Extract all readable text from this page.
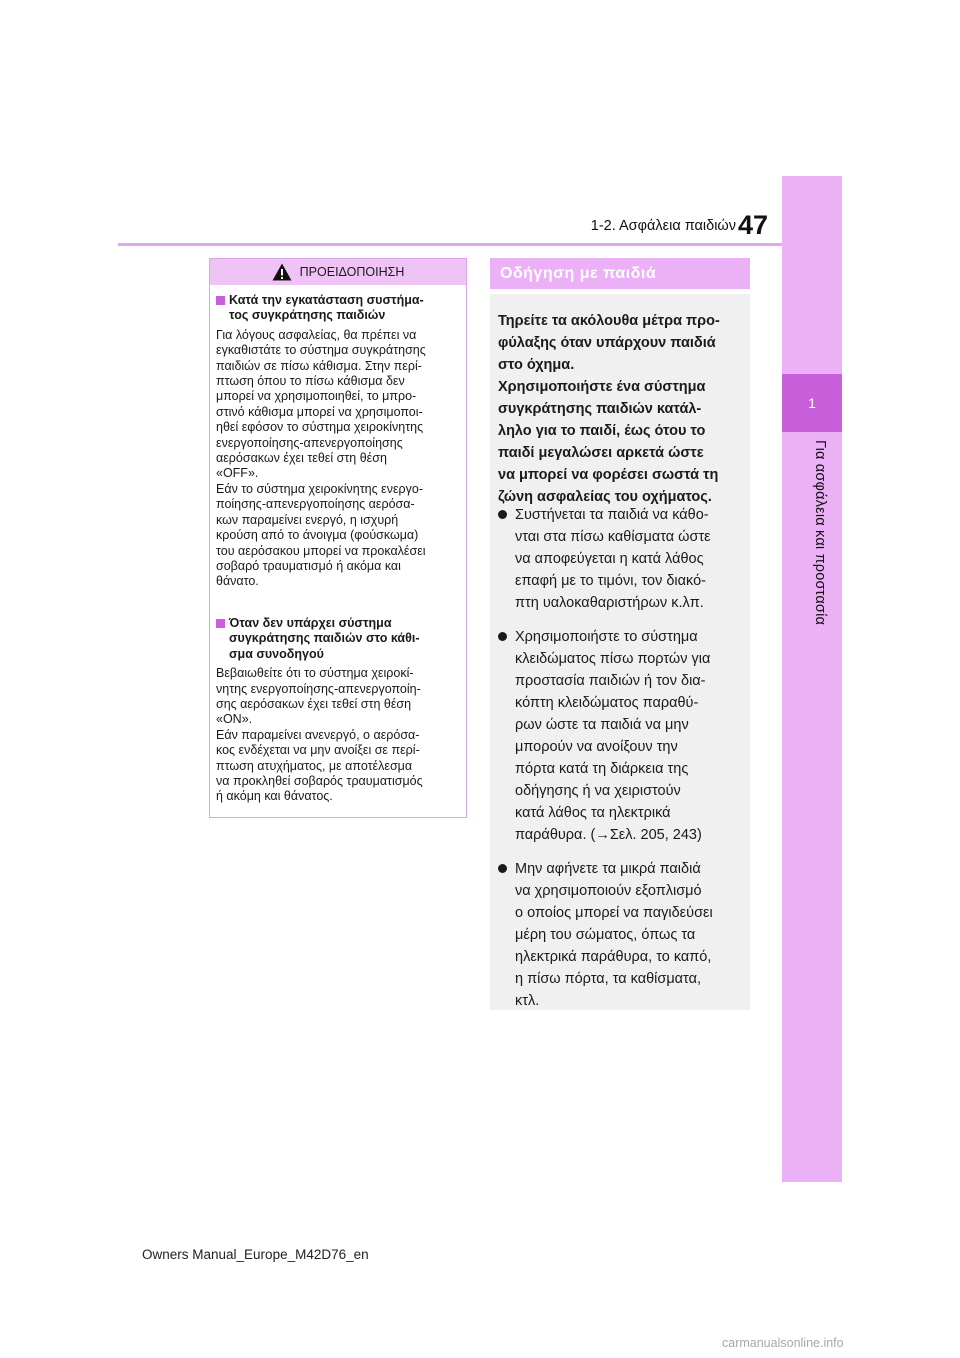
1-2. Ασφάλεια παιδιών 47
1
Για ασφάλεια και προστασία
ΠΡΟΕΙΔΟΠΟΙΗΣΗ
Κατά την εγκατάσταση συστήμα-
τος συγκράτησης παιδιών
Για λόγους ασφαλείας, θα πρέπει να
εγκαθιστάτε το σύστημα συγκράτησης
παιδιών σε πίσω κάθισμα. Στην περί-
πτωση όπου το πίσω κάθισμα δεν
μπορεί να χρησιμοποιηθεί, το μπρο-
στινό κάθισμα μπορεί να χρησιμοποι-
ηθεί εφόσον το σύστημα χειροκίνητης
ενεργοποίησης-απενεργοποίησης
αερόσακων έχει τεθεί στη θέση
«OFF».
Εάν το σύστημα χειροκίνητης ενεργο-
ποίησης-απενεργοποίησης αερόσα-
κων παραμείνει ενεργό, η ισχυρή
κρούση από το άνοιγμα (φούσκωμα)
του αερόσακου μπορεί να προκαλέσει
σοβαρό τραυματισμό ή ακόμα και
θάνατο.
Όταν δεν υπάρχει σύστημα
συγκράτησης παιδιών στο κάθι-
σμα συνοδηγού
Βεβαιωθείτε ότι το σύστημα χειροκί-
νητης ενεργοποίησης-απενεργοποίη-
σης αερόσακων έχει τεθεί στη θέση
«ON».
Εάν παραμείνει ανενεργό, ο αερόσα-
κος ενδέχεται να μην ανοίξει σε περί-
πτωση ατυχήματος, με αποτέλεσμα
να προκληθεί σοβαρός τραυματισμός
ή ακόμη και θάνατος.
Οδήγηση με παιδιά
Τηρείτε τα ακόλουθα μέτρα προ-
φύλαξης όταν υπάρχουν παιδιά
στο όχημα.
Χρησιμοποιήστε ένα σύστημα
συγκράτησης παιδιών κατάλ-
ληλο για το παιδί, έως ότου το
παιδί μεγαλώσει αρκετά ώστε
να μπορεί να φορέσει σωστά τη
ζώνη ασφαλείας του οχήματος.
Συστήνεται τα παιδιά να κάθο-
νται στα πίσω καθίσματα ώστε
να αποφεύγεται η κατά λάθος
επαφή με το τιμόνι, τον διακό-
πτη υαλοκαθαριστήρων κ.λπ.
Χρησιμοποιήστε το σύστημα
κλειδώματος πίσω πορτών για
προστασία παιδιών ή τον δια-
κόπτη κλειδώματος παραθύ-
ρων ώστε τα παιδιά να μην
μπορούν να ανοίξουν την
πόρτα κατά τη διάρκεια της
οδήγησης ή να χειριστούν
κατά λάθος τα ηλεκτρικά
παράθυρα. (→Σελ. 205, 243)
Μην αφήνετε τα μικρά παιδιά
να χρησιμοποιούν εξοπλισμό
ο οποίος μπορεί να παγιδεύσει
μέρη του σώματος, όπως τα
ηλεκτρικά παράθυρα, το καπό,
η πίσω πόρτα, τα καθίσματα,
κτλ.
Owners Manual_Europe_M42D76_en
carmanualsonline.info
